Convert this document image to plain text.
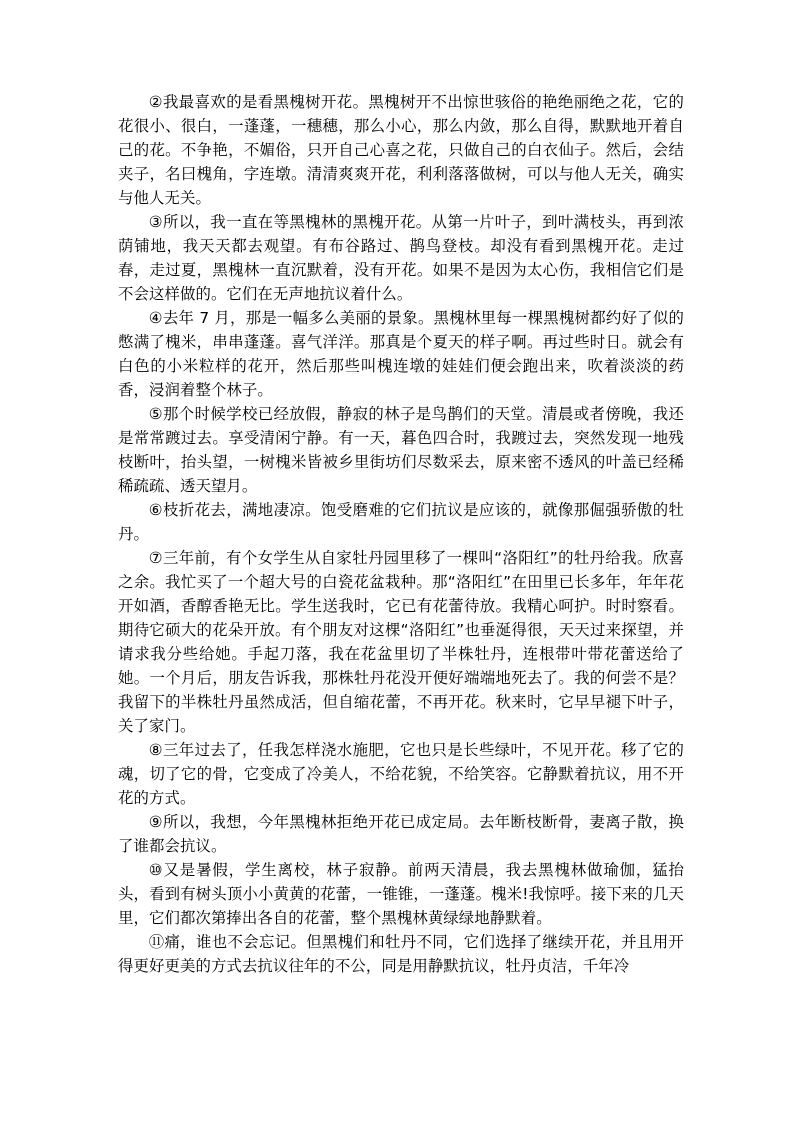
②我最喜欢的是看黑槐树开花。黑槐树开不出惊世骇俗的艳绝丽绝之花，它的花很小、很白，一蓬蓬，一穗穗，那么小心，那么内敛，那么自得，默默地开着自己的花。不争艳，不媚俗，只开自己心喜之花，只做自己的白衣仙子。然后，会结夹子，名曰槐角，字连墩。清清爽爽开花，利利落落做树，可以与他人无关，确实与他人无关。

③所以，我一直在等黑槐林的黑槐开花。从第一片叶子，到叶满枝头，再到浓荫铺地，我天天都去观望。有布谷路过、鹊鸟登枝。却没有看到黑槐开花。走过春，走过夏，黑槐林一直沉默着，没有开花。如果不是因为太心伤，我相信它们是不会这样做的。它们在无声地抗议着什么。

④去年 7 月，那是一幅多么美丽的景象。黑槐林里每一棵黑槐树都约好了似的憋满了槐米，串串蓬蓬。喜气洋洋。那真是个夏天的样子啊。再过些时日。就会有白色的小米粒样的花开，然后那些叫槐连墩的娃娃们便会跑出来，吹着淡淡的药香，浸润着整个林子。

⑤那个时候学校已经放假，静寂的林子是鸟鹊们的天堂。清晨或者傍晚，我还是常常踱过去。享受清闲宁静。有一天，暮色四合时，我踱过去，突然发现一地残枝断叶，抬头望，一树槐米皆被乡里街坊们尽数采去，原来密不透风的叶盖已经稀稀疏疏、透天望月。

⑥枝折花去，满地凄凉。饱受磨难的它们抗议是应该的，就像那倔强骄傲的牡丹。

⑦三年前，有个女学生从自家牡丹园里移了一棵叫“洛阳红”的牡丹给我。欣喜之余。我忙买了一个超大号的白瓷花盆栽种。那“洛阳红”在田里已长多年，年年花开如酒，香醇香艳无比。学生送我时，它已有花蕾待放。我精心呵护。时时察看。期待它硕大的花朵开放。有个朋友对这棵“洛阳红”也垂涎得很，天天过来探望，并请求我分些给她。手起刀落，我在花盆里切了半株牡丹，连根带叶带花蕾送给了她。一个月后，朋友告诉我，那株牡丹花没开便好端端地死去了。我的何尝不是？我留下的半株牡丹虽然成活，但自缩花蕾，不再开花。秋来时，它早早褪下叶子，关了家门。

⑧三年过去了，任我怎样浇水施肥，它也只是长些绿叶，不见开花。移了它的魂，切了它的骨，它变成了冷美人，不给花貌，不给笑容。它静默着抗议，用不开花的方式。

⑨所以，我想，今年黑槐林拒绝开花已成定局。去年断枝断骨，妻离子散，换了谁都会抗议。

⑩又是暑假，学生离校，林子寂静。前两天清晨，我去黑槐林做瑜伽，猛抬头，看到有树头顶小小黄黄的花蕾，一锥锥，一蓬蓬。槐米!我惊呼。接下来的几天里，它们都次第捧出各自的花蕾，整个黑槐林黄绿绿地静默着。

⑪痛，谁也不会忘记。但黑槐们和牡丹不同，它们选择了继续开花，并且用开得更好更美的方式去抗议往年的不公，同是用静默抗议，牡丹贞洁，千年冷
